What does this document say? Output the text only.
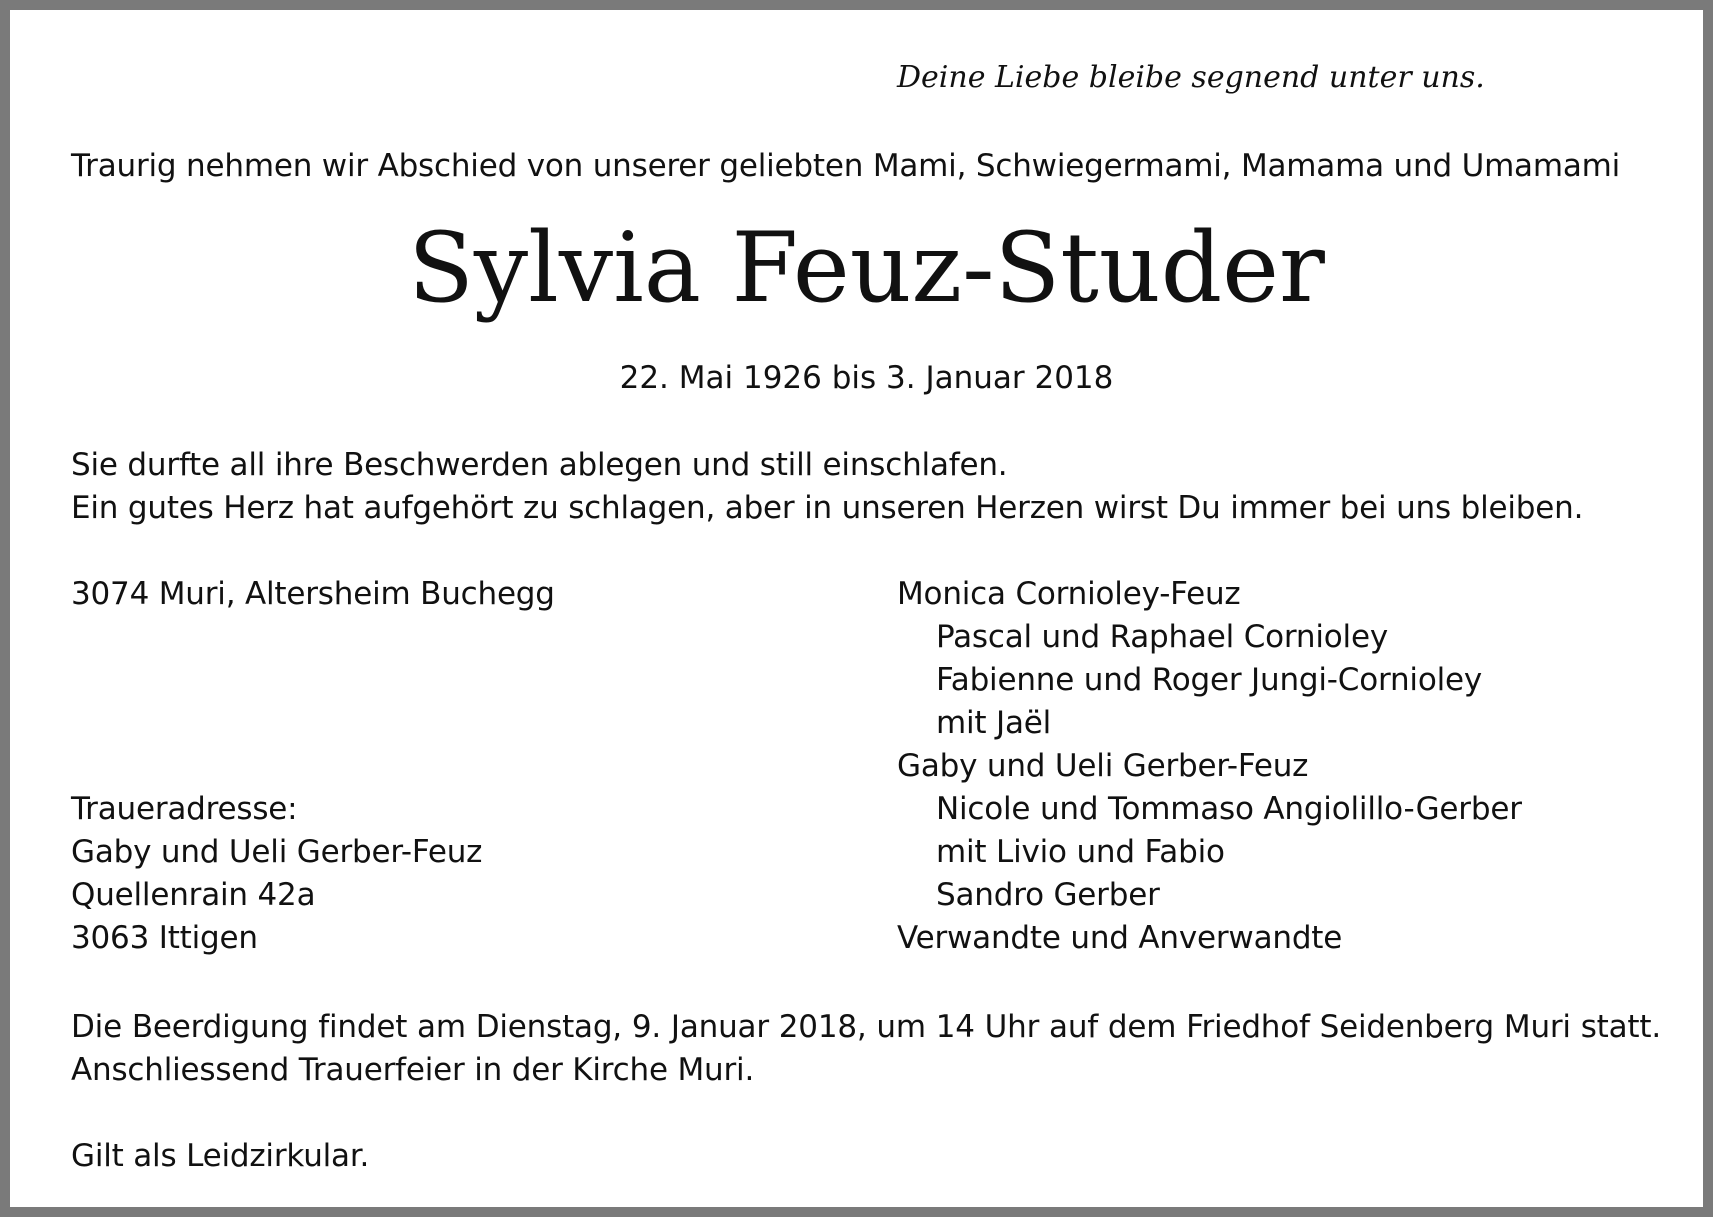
Deine Liebe bleibe segnend unter uns.
Traurig nehmen wir Abschied von unserer geliebten Mami, Schwiegermami, Mamama und Umamami
Sylvia Feuz-Studer
22. Mai 1926 bis 3. Januar 2018
Sie durfte all ihre Beschwerden ablegen und still einschlafen.
Ein gutes Herz hat aufgehört zu schlagen, aber in unseren Herzen wirst Du immer bei uns bleiben.
3074 Muri, Altersheim Buchegg
Traueradresse:
Gaby und Ueli Gerber-Feuz
Quellenrain 42a
3063 Ittigen
Monica Cornioley-Feuz
Pascal und Raphael Cornioley
Fabienne und Roger Jungi-Cornioley
mit Jaël
Gaby und Ueli Gerber-Feuz
Nicole und Tommaso Angiolillo-Gerber
mit Livio und Fabio
Sandro Gerber
Verwandte und Anverwandte
Die Beerdigung findet am Dienstag, 9. Januar 2018, um 14 Uhr auf dem Friedhof Seidenberg Muri statt.
Anschliessend Trauerfeier in der Kirche Muri.
Gilt als Leidzirkular.
